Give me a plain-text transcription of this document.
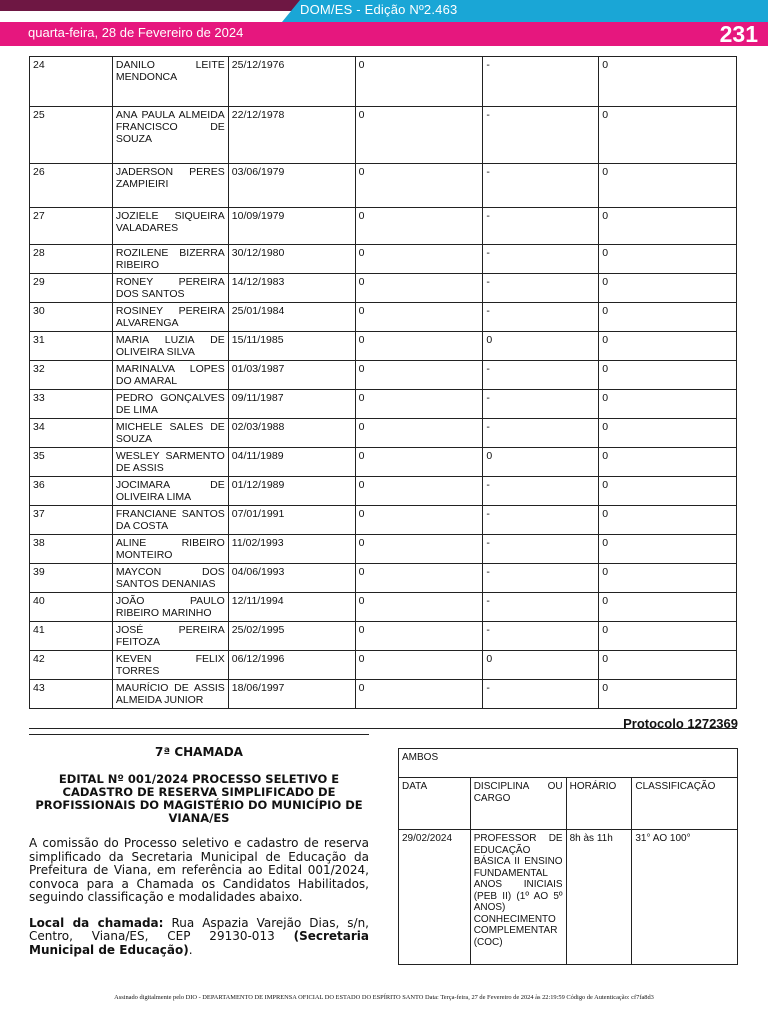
DOM/ES - Edição Nº2.463
quarta-feira, 28 de Fevereiro de 2024	231
24	DANILO LEITE MENDONCA	25/12/1976	0	-	0
25	ANA PAULA ALMEIDA FRANCISCO DE SOUZA	22/12/1978	0	-	0
26	JADERSON PERES ZAMPIEIRI	03/06/1979	0	-	0
27	JOZIELE SIQUEIRA VALADARES	10/09/1979	0	-	0
28	ROZILENE BIZERRA RIBEIRO	30/12/1980	0	-	0
29	RONEY PEREIRA DOS SANTOS	14/12/1983	0	-	0
30	ROSINEY PEREIRA ALVARENGA	25/01/1984	0	-	0
31	MARIA LUZIA DE OLIVEIRA SILVA	15/11/1985	0	0	0
32	MARINALVA LOPES DO AMARAL	01/03/1987	0	-	0
33	PEDRO GONÇALVES DE LIMA	09/11/1987	0	-	0
34	MICHELE SALES DE SOUZA	02/03/1988	0	-	0
35	WESLEY SARMENTO DE ASSIS	04/11/1989	0	0	0
36	JOCIMARA DE OLIVEIRA LIMA	01/12/1989	0	-	0
37	FRANCIANE SANTOS DA COSTA	07/01/1991	0	-	0
38	ALINE RIBEIRO MONTEIRO	11/02/1993	0	-	0
39	MAYCON DOS SANTOS DENANIAS	04/06/1993	0	-	0
40	JOÃO PAULO RIBEIRO MARINHO	12/11/1994	0	-	0
41	JOSÉ PEREIRA FEITOZA	25/02/1995	0	-	0
42	KEVEN FELIX TORRES	06/12/1996	0	0	0
43	MAURÍCIO DE ASSIS ALMEIDA JUNIOR	18/06/1997	0	-	0
Protocolo 1272369
7ª CHAMADA
EDITAL Nº 001/2024 PROCESSO SELETIVO E CADASTRO DE RESERVA SIMPLIFICADO DE PROFISSIONAIS DO MAGISTÉRIO DO MUNICÍPIO DE VIANA/ES
A comissão do Processo seletivo e cadastro de reserva simplificado da Secretaria Municipal de Educação da Prefeitura de Viana, em referência ao Edital 001/2024, convoca para a Chamada os Candidatos Habilitados, seguindo classificação e modalidades abaixo.
Local da chamada: Rua Aspazia Varejão Dias, s/n, Centro, Viana/ES, CEP 29130-013 (Secretaria Municipal de Educação).
AMBOS			
DATA	DISCIPLINA OU CARGO	HORÁRIO	CLASSIFICAÇÃO
29/02/2024	PROFESSOR DE EDUCAÇÃO BÁSICA II ENSINO FUNDAMENTAL ANOS INICIAIS (PEB II) (1º AO 5º ANOS) CONHECIMENTO COMPLEMENTAR (COC)	8h às 11h	31° AO 100°
Assinado digitalmente pelo DIO - DEPARTAMENTO DE IMPRENSA OFICIAL DO ESTADO DO ESPÍRITO SANTO Data: Terça-feira, 27 de Fevereiro de 2024 às 22:19:59 Código de Autenticação: cf7fa8d3
